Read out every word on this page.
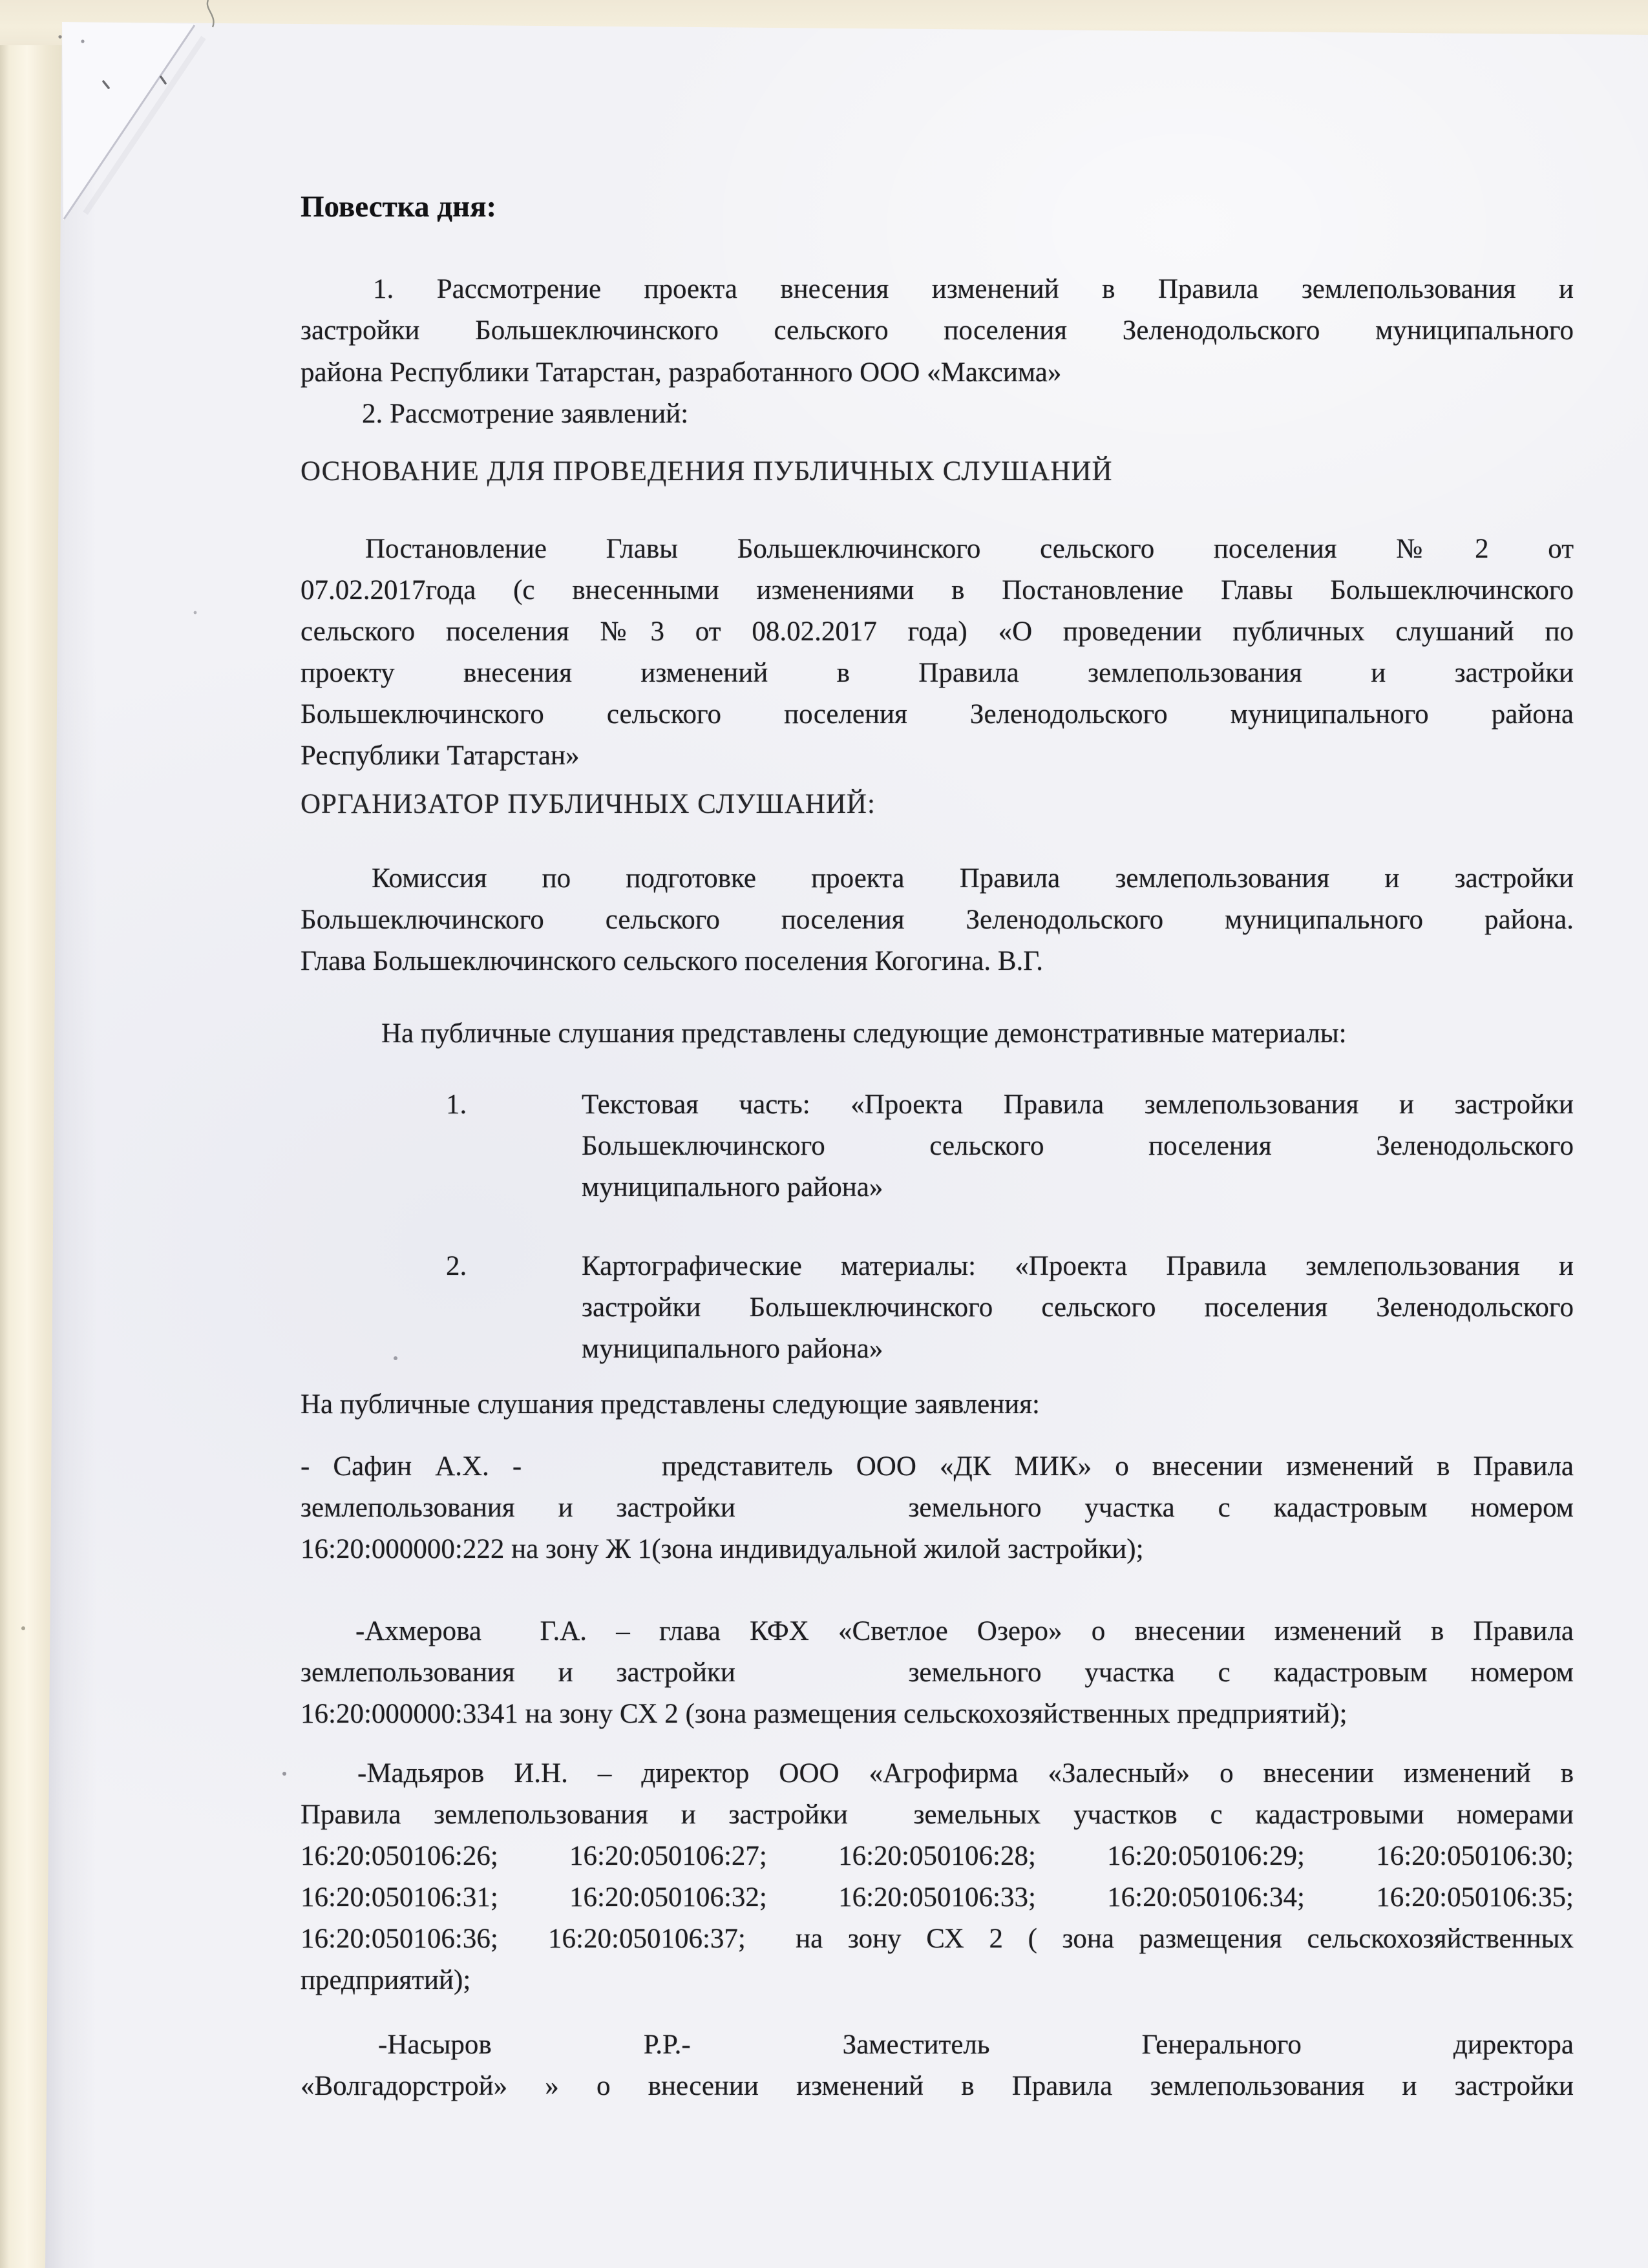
Повестка дня:
1. Рассмотрение проекта внесения изменений в Правила землепользования и
застройки Большеключинского сельского поселения Зеленодольского муниципального
района Республики Татарстан, разработанного ООО «Максима»
2. Рассмотрение заявлений:
ОСНОВАНИЕ ДЛЯ ПРОВЕДЕНИЯ ПУБЛИЧНЫХ СЛУШАНИЙ
Постановление Главы Большеключинского сельского поселения №2 от
07.02.2017года (с внесенными изменениями в Постановление Главы Большеключинского
сельского поселения №3 от 08.02.2017 года) «О проведении публичных слушаний по
проекту внесения изменений в Правила землепользования и застройки
Большеключинского сельского поселения Зеленодольского муниципального района
Республики Татарстан»
ОРГАНИЗАТОР ПУБЛИЧНЫХ СЛУШАНИЙ:
Комиссия по подготовке проекта Правила землепользования и застройки
Большеключинского сельского поселения Зеленодольского муниципального района.
Глава Большеключинского сельского поселения Когогина. В.Г.
На публичные слушания представлены следующие демонстративные материалы:
1.	Текстовая часть: «Проекта Правила землепользования и застройки
Большеключинского сельского поселения Зеленодольского
муниципального района»
2.	Картографические материалы: «Проекта Правила землепользования и
застройки Большеключинского сельского поселения Зеленодольского
муниципального района»
На публичные слушания представлены следующие заявления:
- Сафин А.Х. -      представитель ООО «ДК МИК» о внесении изменений в Правила
землепользования и застройки    земельного участка с кадастровым номером
16:20:000000:222 на зону Ж 1(зона индивидуальной жилой застройки);
-Ахмерова  Г.А. – глава КФХ «Светлое Озеро» о внесении изменений в Правила
землепользования и застройки    земельного участка с кадастровым номером
16:20:000000:3341 на зону СХ 2 (зона размещения сельскохозяйственных предприятий);
-Мадьяров И.Н. – директор ООО «Агрофирма «Залесный» о внесении изменений в
Правила землепользования и застройки  земельных участков с кадастровыми номерами
16:20:050106:26;  16:20:050106:27;  16:20:050106:28;  16:20:050106:29;  16:20:050106:30;
16:20:050106:31;  16:20:050106:32;  16:20:050106:33;  16:20:050106:34;  16:20:050106:35;
16:20:050106:36;  16:20:050106:37;  на зону СХ 2 ( зона размещения сельскохозяйственных
предприятий);
-Насыров Р.Р.- Заместитель Генерального директора
«Волгадорстрой» » о внесении изменений в Правила землепользования и застройки
